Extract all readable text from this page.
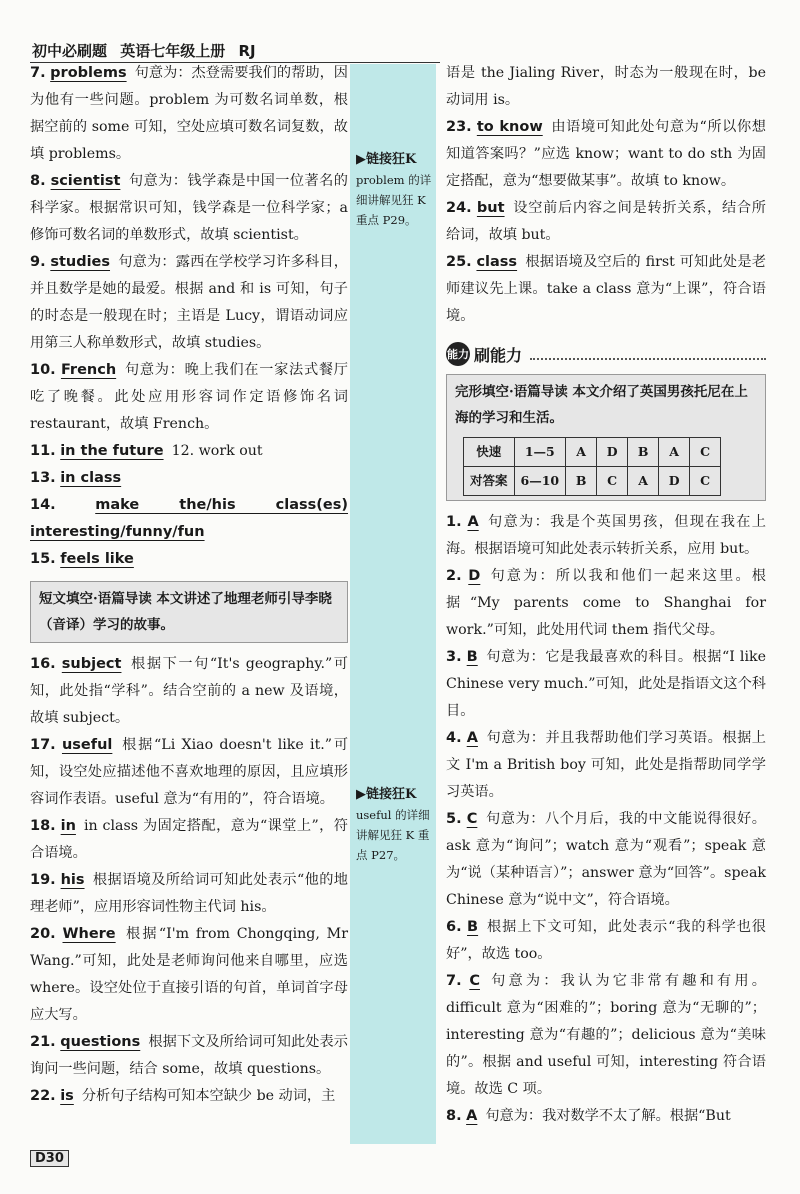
初中必刷题 英语七年级上册 RJ
▶链接狂K
problem 的详细讲解见狂 K 重点 P29。
▶链接狂K
useful 的详细讲解见狂 K 重点 P27。

7. problems 句意为：杰登需要我们的帮助，因为他有一些问题。problem 为可数名词单数，根据空前的 some 可知，空处应填可数名词复数，故填 problems。

8. scientist 句意为：钱学森是中国一位著名的科学家。根据常识可知，钱学森是一位科学家；a 修饰可数名词的单数形式，故填 scientist。

9. studies 句意为：露西在学校学习许多科目，并且数学是她的最爱。根据 and 和 is 可知，句子的时态是一般现在时；主语是 Lucy，谓语动词应用第三人称单数形式，故填 studies。

10. French 句意为：晚上我们在一家法式餐厅吃了晚餐。此处应用形容词作定语修饰名词 restaurant，故填 French。

11. in the future 12. work out

13. in class

14.	make the/his class(es) interesting/funny/fun

15. feels like

短文填空·语篇导读 本文讲述了地理老师引导李晓（音译）学习的故事。

16. subject 根据下一句“It's geography.”可知，此处指“学科”。结合空前的 a new 及语境，故填 subject。

17. useful 根据“Li Xiao doesn't like it.”可知，设空处应描述他不喜欢地理的原因，且应填形容词作表语。useful 意为“有用的”，符合语境。

18. in in class 为固定搭配，意为“课堂上”，符合语境。

19. his 根据语境及所给词可知此处表示“他的地理老师”，应用形容词性物主代词 his。

20. Where 根据“I'm from Chongqing, Mr Wang.”可知，此处是老师询问他来自哪里，应选 where。设空处位于直接引语的句首，单词首字母应大写。

21. questions 根据下文及所给词可知此处表示询问一些问题，结合 some，故填 questions。

22. is 分析句子结构可知本空缺少 be 动词，主

语是 the Jialing River，时态为一般现在时，be 动词用 is。

23. to know 由语境可知此处句意为“所以你想知道答案吗？”应选 know；want to do sth 为固定搭配，意为“想要做某事”。故填 to know。

24. but 设空前后内容之间是转折关系，结合所给词，故填 but。

25. class 根据语境及空后的 first 可知此处是老师建议先上课。take a class 意为“上课”，符合语境。

能力 刷能力
完形填空·语篇导读 本文介绍了英国男孩托尼在上海的学习和生活。
快速	1—5	A	D	B	A	C
对答案	6—10	B	C	A	D	C

1. A 句意为：我是个英国男孩，但现在我在上海。根据语境可知此处表示转折关系，应用 but。

2. D 句意为：所以我和他们一起来这里。根据“My parents come to Shanghai for work.”可知，此处用代词 them 指代父母。

3. B 句意为：它是我最喜欢的科目。根据“I like Chinese very much.”可知，此处是指语文这个科目。

4. A 句意为：并且我帮助他们学习英语。根据上文 I'm a British boy 可知，此处是指帮助同学学习英语。

5. C 句意为：八个月后，我的中文能说得很好。ask 意为“询问”；watch 意为“观看”；speak 意为“说（某种语言）”；answer 意为“回答”。speak Chinese 意为“说中文”，符合语境。

6. B 根据上下文可知，此处表示“我的科学也很好”，故选 too。

7. C 句意为：我认为它非常有趣和有用。difficult 意为“困难的”；boring 意为“无聊的”；interesting 意为“有趣的”；delicious 意为“美味的”。根据 and useful 可知，interesting 符合语境。故选 C 项。

8. A 句意为：我对数学不太了解。根据“But

D30
